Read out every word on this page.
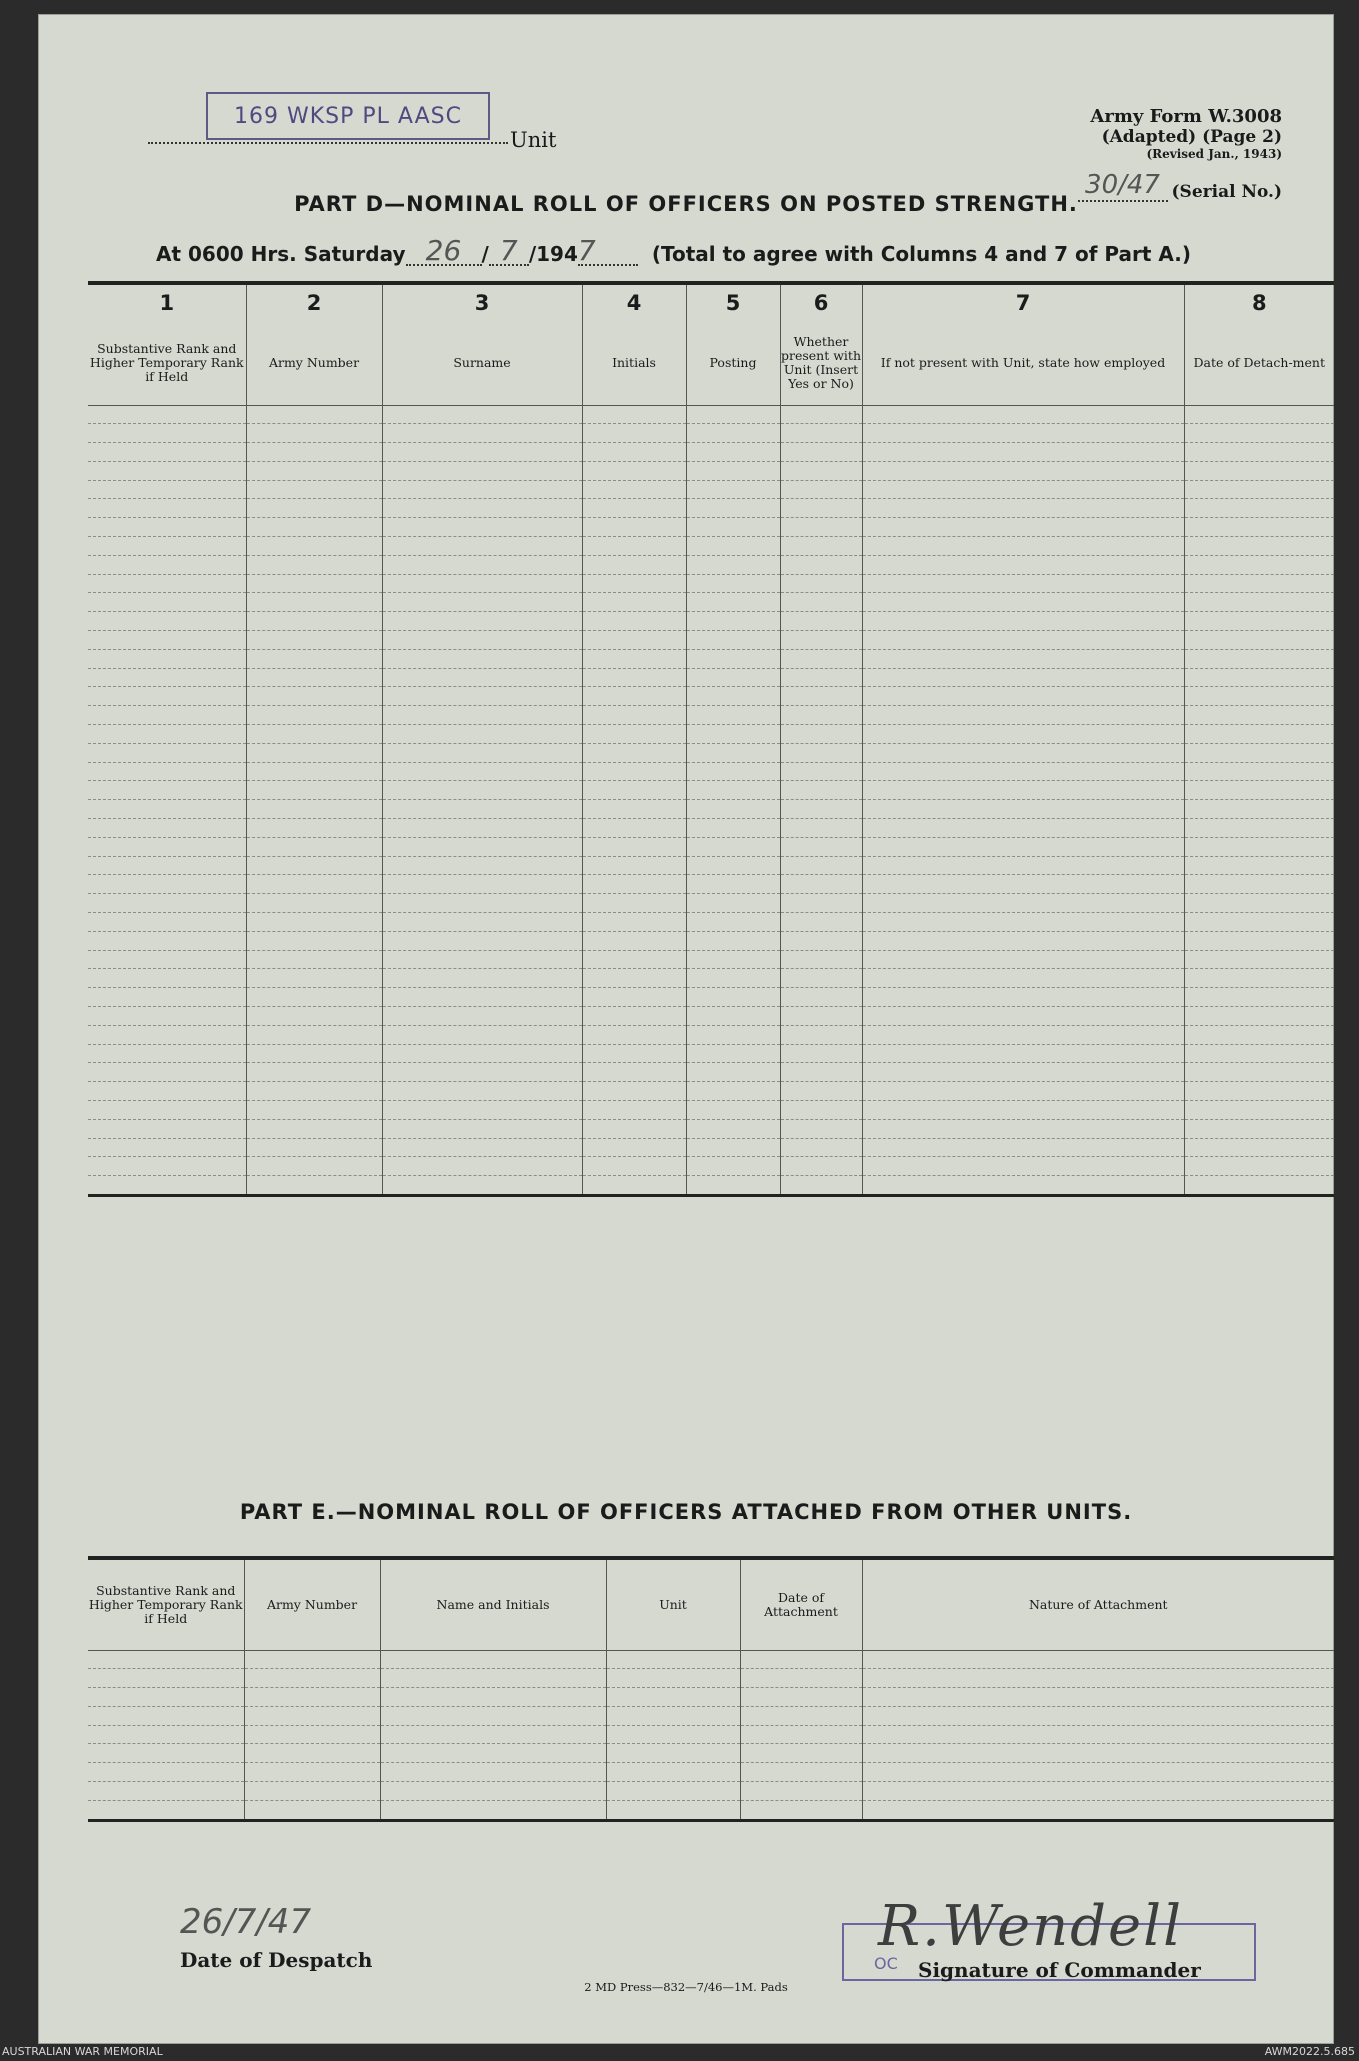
169 WKSP PL AASC
Unit
Army Form W.3008
(Adapted) (Page 2)
(Revised Jan., 1943)
30/47 (Serial No.)
PART D—NOMINAL ROLL OF OFFICERS ON POSTED STRENGTH.
At 0600 Hrs. Saturday 26	/ 7 /194 7	(Total to agree with Columns 4 and 7 of Part A.)
1	2	3	4	5	6	7	8
Substantive Rank and Higher Temporary Rank if Held	Army Number	Surname	Initials	Posting	Whether present with Unit (Insert Yes or No)	If not present with Unit, state how employed	Date of Detach-ment

PART E.—NOMINAL ROLL OF OFFICERS ATTACHED FROM OTHER UNITS.
Substantive Rank and Higher Temporary Rank if Held	Army Number	Name and Initials	Unit	Date of Attachment	Nature of Attachment

26/7/47
Date of Despatch
R.Wendell
OC Signature of Commander
2 MD Press—832—7/46—1M. Pads
AUSTRALIAN WAR MEMORIAL	AWM2022.5.685
